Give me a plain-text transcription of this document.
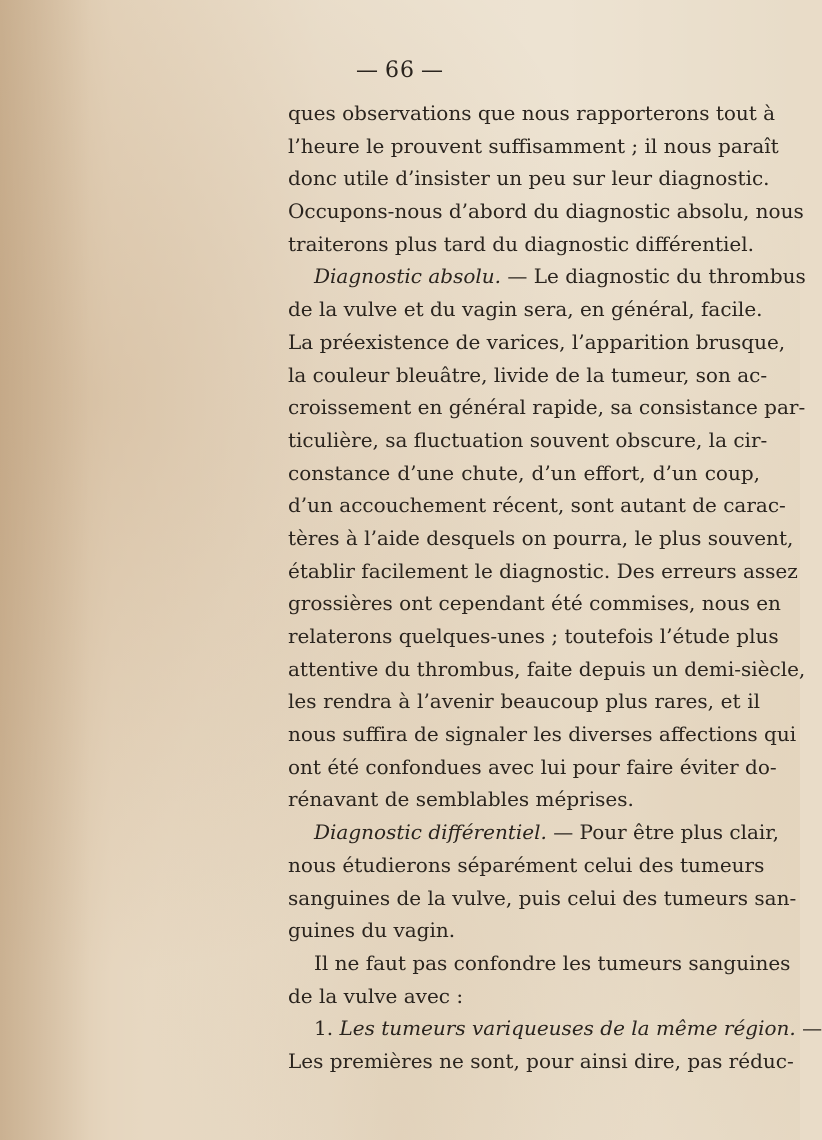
— 66 —
ques observations que nous rapporterons tout à
l’heure le prouvent suffisamment ; il nous paraît
donc utile d’insister un peu sur leur diagnostic.
Occupons-nous d’abord du diagnostic absolu, nous
traiterons plus tard du diagnostic différentiel.
Diagnostic absolu. — Le diagnostic du thrombus
de la vulve et du vagin sera, en général, facile.
La préexistence de varices, l’apparition brusque,
la couleur bleuâtre, livide de la tumeur, son ac-
croissement en général rapide, sa consistance par-
ticulière, sa fluctuation souvent obscure, la cir-
constance d’une chute, d’un effort, d’un coup,
d’un accouchement récent, sont autant de carac-
tères à l’aide desquels on pourra, le plus souvent,
établir facilement le diagnostic. Des erreurs assez
grossières ont cependant été commises, nous en
relaterons quelques-unes ; toutefois l’étude plus
attentive du thrombus, faite depuis un demi-siècle,
les rendra à l’avenir beaucoup plus rares, et il
nous suffira de signaler les diverses affections qui
ont été confondues avec lui pour faire éviter do-
rénavant de semblables méprises.
Diagnostic différentiel. — Pour être plus clair,
nous étudierons séparément celui des tumeurs
sanguines de la vulve, puis celui des tumeurs san-
guines du vagin.
Il ne faut pas confondre les tumeurs sanguines
de la vulve avec :
1. Les tumeurs variqueuses de la même région. —
Les premières ne sont, pour ainsi dire, pas réduc-
